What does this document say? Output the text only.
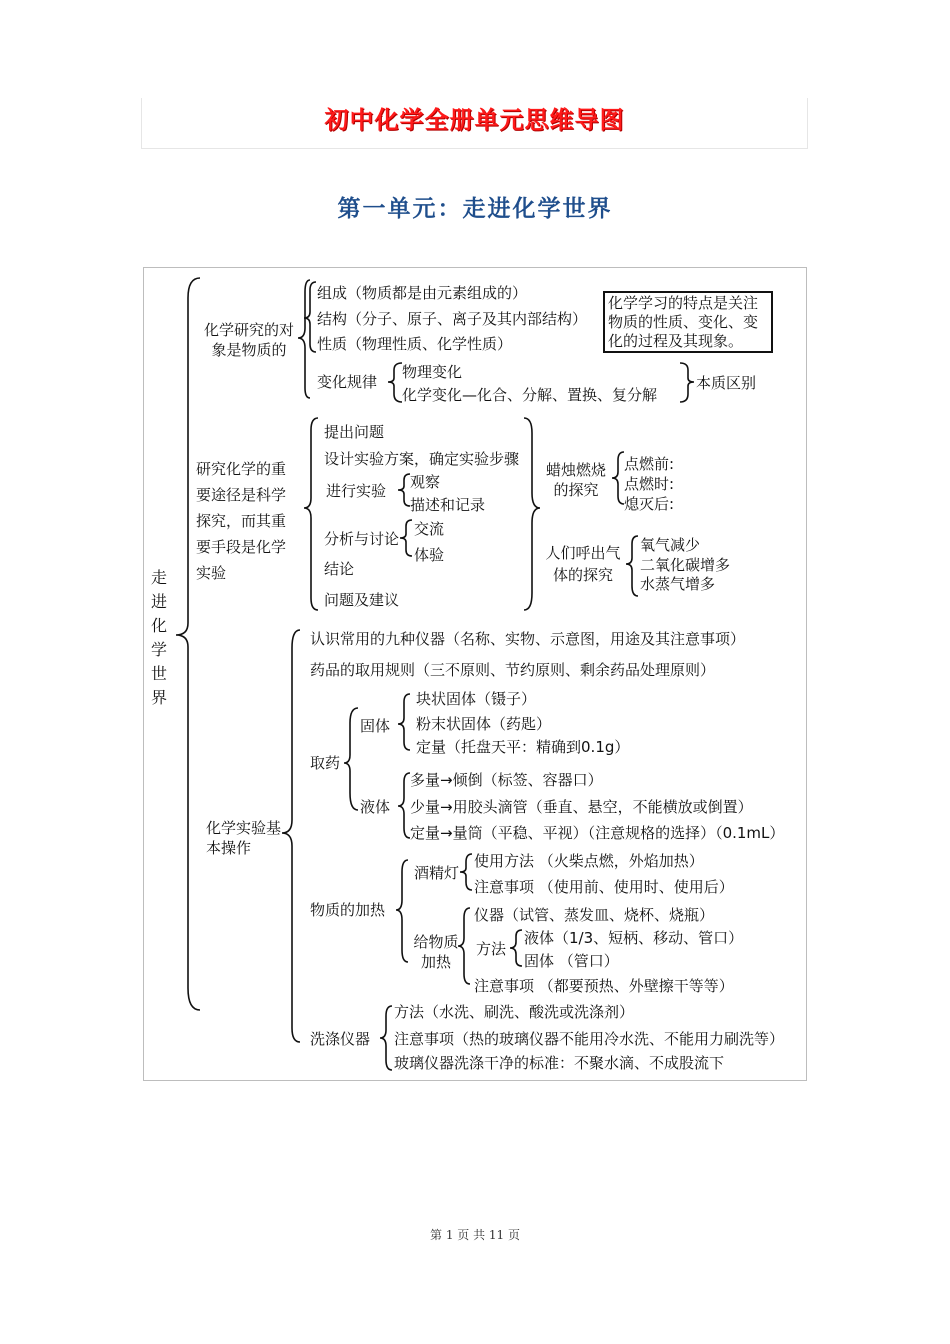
初中化学全册单元思维导图
第一单元：走进化学世界
走进化学世界
化学研究的对象是物质的
组成（物质都是由元素组成的）
结构（分子、原子、离子及其内部结构）
性质（物理性质、化学性质）
变化规律
物理变化
化学变化—化合、分解、置换、复分解
本质区别
化学学习的特点是关注物质的性质、变化、变化的过程及其现象。
研究化学的重要途径是科学探究，而其重要手段是化学实验
提出问题
设计实验方案，确定实验步骤
进行实验 观察
描述和记录
分析与讨论
交流
体验
结论
问题及建议
蜡烛燃烧的探究
点燃前:
点燃时:
熄灭后:
人们呼出气体的探究
氧气减少
二氧化碳增多
水蒸气增多
化学实验基本操作
认识常用的九种仪器（名称、实物、示意图，用途及其注意事项）
药品的取用规则（三不原则、节约原则、剩余药品处理原则）
取药
固体
块状固体（镊子）
粉末状固体（药匙）
定量（托盘天平：精确到0.1g）
液体
多量→倾倒（标签、容器口）
少量→用胶头滴管（垂直、悬空，不能横放或倒置）
定量→量筒（平稳、平视）（注意规格的选择）（0.1mL）
物质的加热
酒精灯
使用方法 （火柴点燃，外焰加热）
注意事项 （使用前、使用时、使用后）
给物质加热
仪器（试管、蒸发皿、烧杯、烧瓶）
方法
液体（1/3、短柄、移动、管口）
固体 （管口）
注意事项 （都要预热、外壁擦干等等）
洗涤仪器
方法（水洗、刷洗、酸洗或洗涤剂）
注意事项（热的玻璃仪器不能用冷水洗、不能用力刷洗等）
玻璃仪器洗涤干净的标准：不聚水滴、不成股流下
第 1 页 共 11 页
